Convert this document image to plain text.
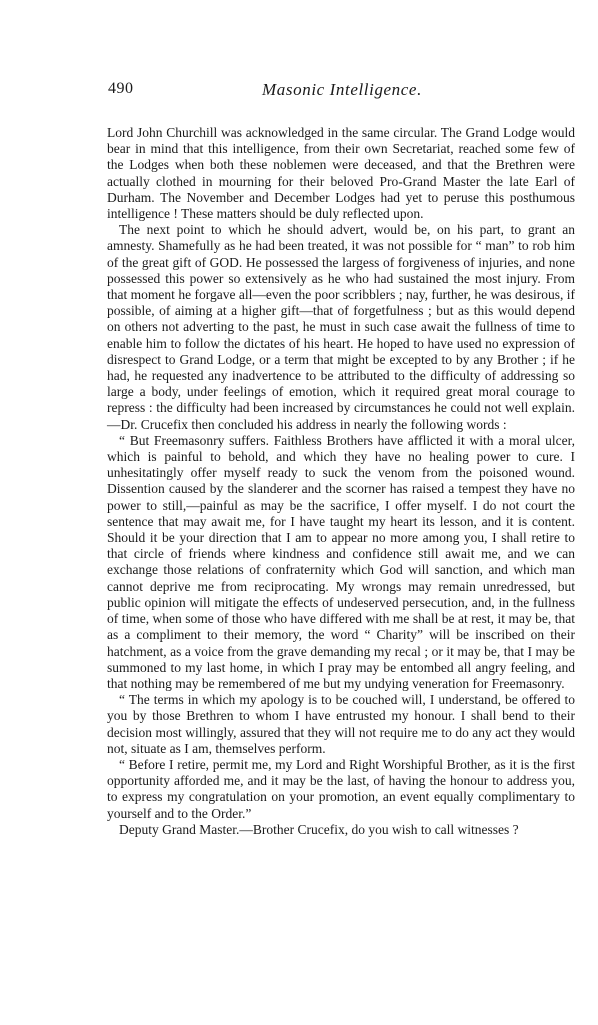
490	Masonic Intelligence.

Lord John Churchill was acknowledged in the same circular. The Grand Lodge would bear in mind that this intelligence, from their own Secretariat, reached some few of the Lodges when both these noblemen were deceased, and that the Brethren were actually clothed in mourning for their beloved Pro-Grand Master the late Earl of Durham. The November and December Lodges had yet to peruse this posthumous intelligence ! These matters should be duly reflected upon.

The next point to which he should advert, would be, on his part, to grant an amnesty. Shamefully as he had been treated, it was not possible for “ man” to rob him of the great gift of GOD. He possessed the largess of forgiveness of injuries, and none possessed this power so extensively as he who had sustained the most injury. From that moment he forgave all—even the poor scribblers ; nay, further, he was desirous, if possible, of aiming at a higher gift—that of forgetfulness ; but as this would depend on others not adverting to the past, he must in such case await the fullness of time to enable him to follow the dictates of his heart. He hoped to have used no expression of disrespect to Grand Lodge, or a term that might be excepted to by any Brother ; if he had, he requested any inadvertence to be attributed to the difficulty of addressing so large a body, under feelings of emotion, which it required great moral courage to repress : the difficulty had been increased by circumstances he could not well explain.—Dr. Crucefix then concluded his address in nearly the following words :

“ But Freemasonry suffers. Faithless Brothers have afflicted it with a moral ulcer, which is painful to behold, and which they have no healing power to cure. I unhesitatingly offer myself ready to suck the venom from the poisoned wound. Dissention caused by the slanderer and the scorner has raised a tempest they have no power to still,—painful as may be the sacrifice, I offer myself. I do not court the sentence that may await me, for I have taught my heart its lesson, and it is content. Should it be your direction that I am to appear no more among you, I shall retire to that circle of friends where kindness and confidence still await me, and we can exchange those relations of confraternity which God will sanction, and which man cannot deprive me from reciprocating. My wrongs may remain unredressed, but public opinion will mitigate the effects of undeserved persecution, and, in the fullness of time, when some of those who have differed with me shall be at rest, it may be, that as a compliment to their memory, the word “ Charity” will be inscribed on their hatchment, as a voice from the grave demanding my recal ; or it may be, that I may be summoned to my last home, in which I pray may be entombed all angry feeling, and that nothing may be remembered of me but my undying veneration for Freemasonry.

“ The terms in which my apology is to be couched will, I understand, be offered to you by those Brethren to whom I have entrusted my honour. I shall bend to their decision most willingly, assured that they will not require me to do any act they would not, situate as I am, themselves perform.

“ Before I retire, permit me, my Lord and Right Worshipful Brother, as it is the first opportunity afforded me, and it may be the last, of having the honour to address you, to express my congratulation on your promotion, an event equally complimentary to yourself and to the Order.”

Deputy Grand Master.—Brother Crucefix, do you wish to call witnesses ?
